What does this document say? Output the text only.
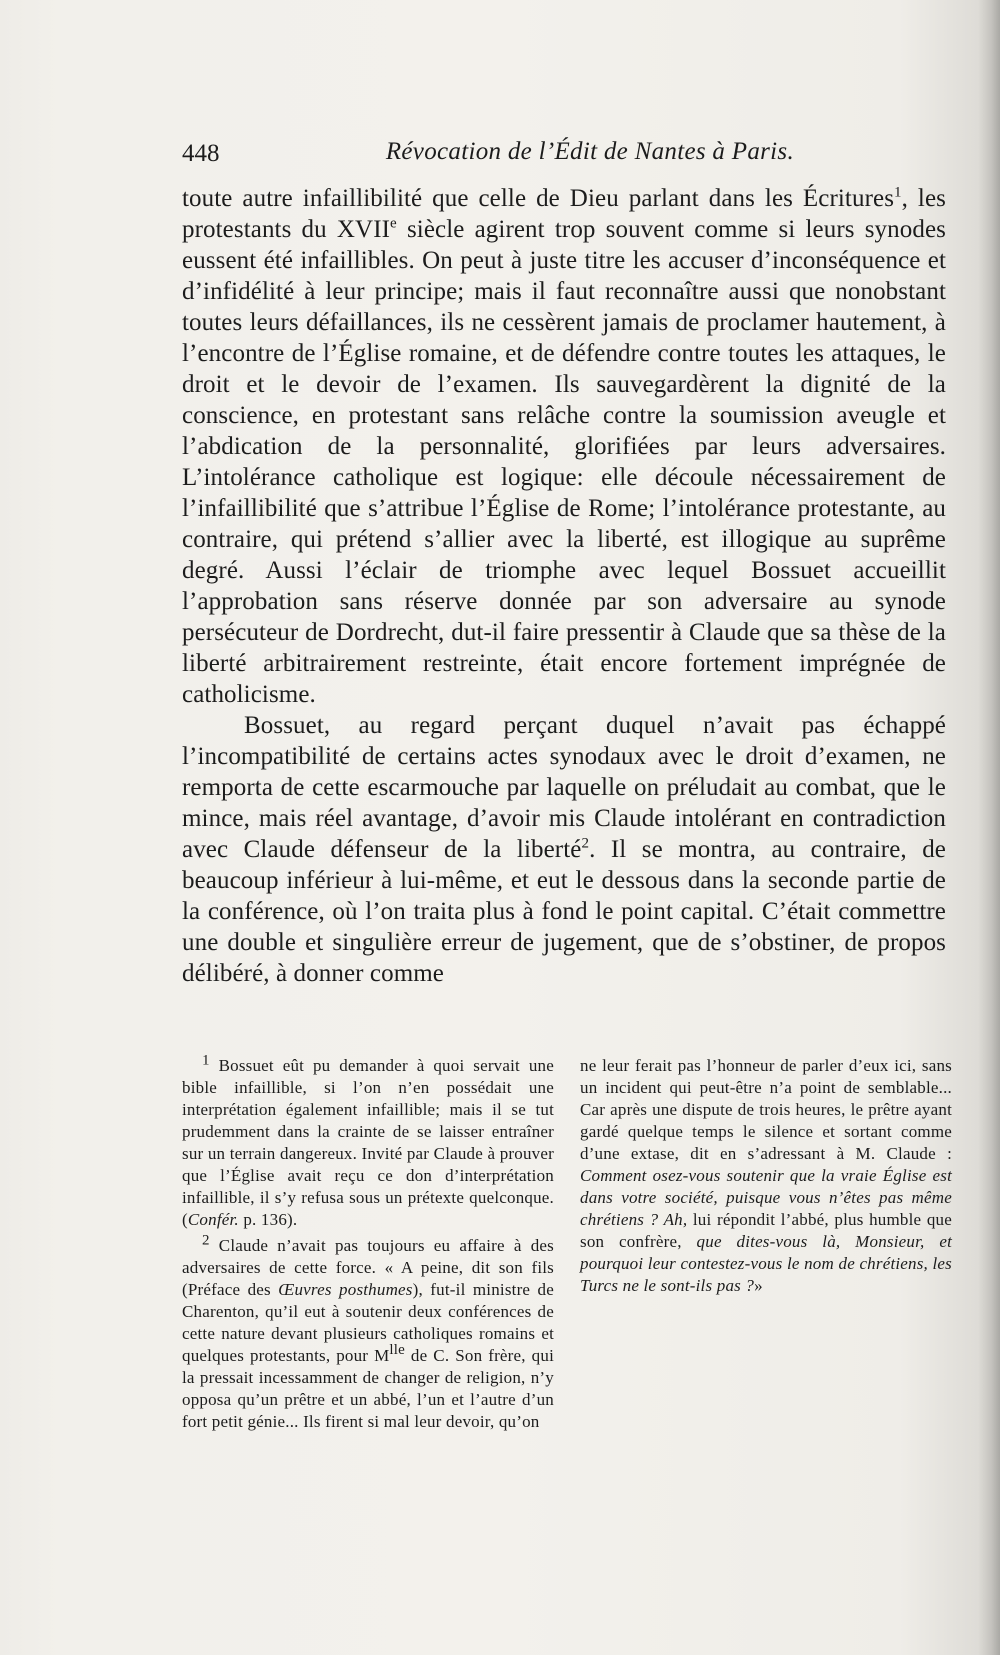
448	Révocation de l’Édit de Nantes à Paris.

toute autre infaillibilité que celle de Dieu parlant dans les Écritures$^1$, les protestants du XVIIe siècle agirent trop souvent comme si leurs synodes eussent été infaillibles. On peut à juste titre les accuser d’inconséquence et d’infidélité à leur principe; mais il faut reconnaître aussi que nonobstant toutes leurs défaillances, ils ne cessèrent jamais de proclamer hautement, à l’encontre de l’Église romaine, et de défendre contre toutes les attaques, le droit et le devoir de l’examen. Ils sauvegardèrent la dignité de la conscience, en protestant sans relâche contre la soumission aveugle et l’abdication de la personnalité, glorifiées par leurs adversaires. L’intolérance catholique est logique: elle découle nécessairement de l’infaillibilité que s’attribue l’Église de Rome; l’intolérance protestante, au contraire, qui prétend s’allier avec la liberté, est illogique au suprême degré. Aussi l’éclair de triomphe avec lequel Bossuet accueillit l’approbation sans réserve donnée par son adversaire au synode persécuteur de Dordrecht, dut-il faire pressentir à Claude que sa thèse de la liberté arbitrairement restreinte, était encore fortement imprégnée de catholicisme.

Bossuet, au regard perçant duquel n’avait pas échappé l’incompatibilité de certains actes synodaux avec le droit d’examen, ne remporta de cette escarmouche par laquelle on préludait au combat, que le mince, mais réel avantage, d’avoir mis Claude intolérant en contradiction avec Claude défenseur de la liberté$^2$. Il se montra, au contraire, de beaucoup inférieur à lui-même, et eut le dessous dans la seconde partie de la conférence, où l’on traita plus à fond le point capital. C’était commettre une double et singulière erreur de jugement, que de s’obstiner, de propos délibéré, à donner comme

$^1$ Bossuet eût pu demander à quoi servait une bible infaillible, si l’on n’en possédait une interprétation également infaillible; mais il se tut prudemment dans la crainte de se laisser entraîner sur un terrain dangereux. Invité par Claude à prouver que l’Église avait reçu ce don d’interprétation infaillible, il s’y refusa sous un prétexte quelconque. (Confér. p. 136).

$^2$ Claude n’avait pas toujours eu affaire à des adversaires de cette force. « A peine, dit son fils (Préface des Œuvres posthumes), fut-il ministre de Charenton, qu’il eut à soutenir deux conférences de cette nature devant plusieurs catholiques romains et quelques protestants, pour $M^{lle}$ de C. Son frère, qui la pressait incessamment de changer de religion, n’y opposa qu’un prêtre et un abbé, l’un et l’autre d’un fort petit génie... Ils firent si mal leur devoir, qu’on

ne leur ferait pas l’honneur de parler d’eux ici, sans un incident qui peut-être n’a point de semblable... Car après une dispute de trois heures, le prêtre ayant gardé quelque temps le silence et sortant comme d’une extase, dit en s’adressant à M. Claude : Comment osez-vous soutenir que la vraie Église est dans votre société, puisque vous n’êtes pas même chrétiens ? Ah, lui répondit l’abbé, plus humble que son confrère, que dites-vous là, Monsieur, et pourquoi leur contestez-vous le nom de chrétiens, les Turcs ne le sont-ils pas ?»
